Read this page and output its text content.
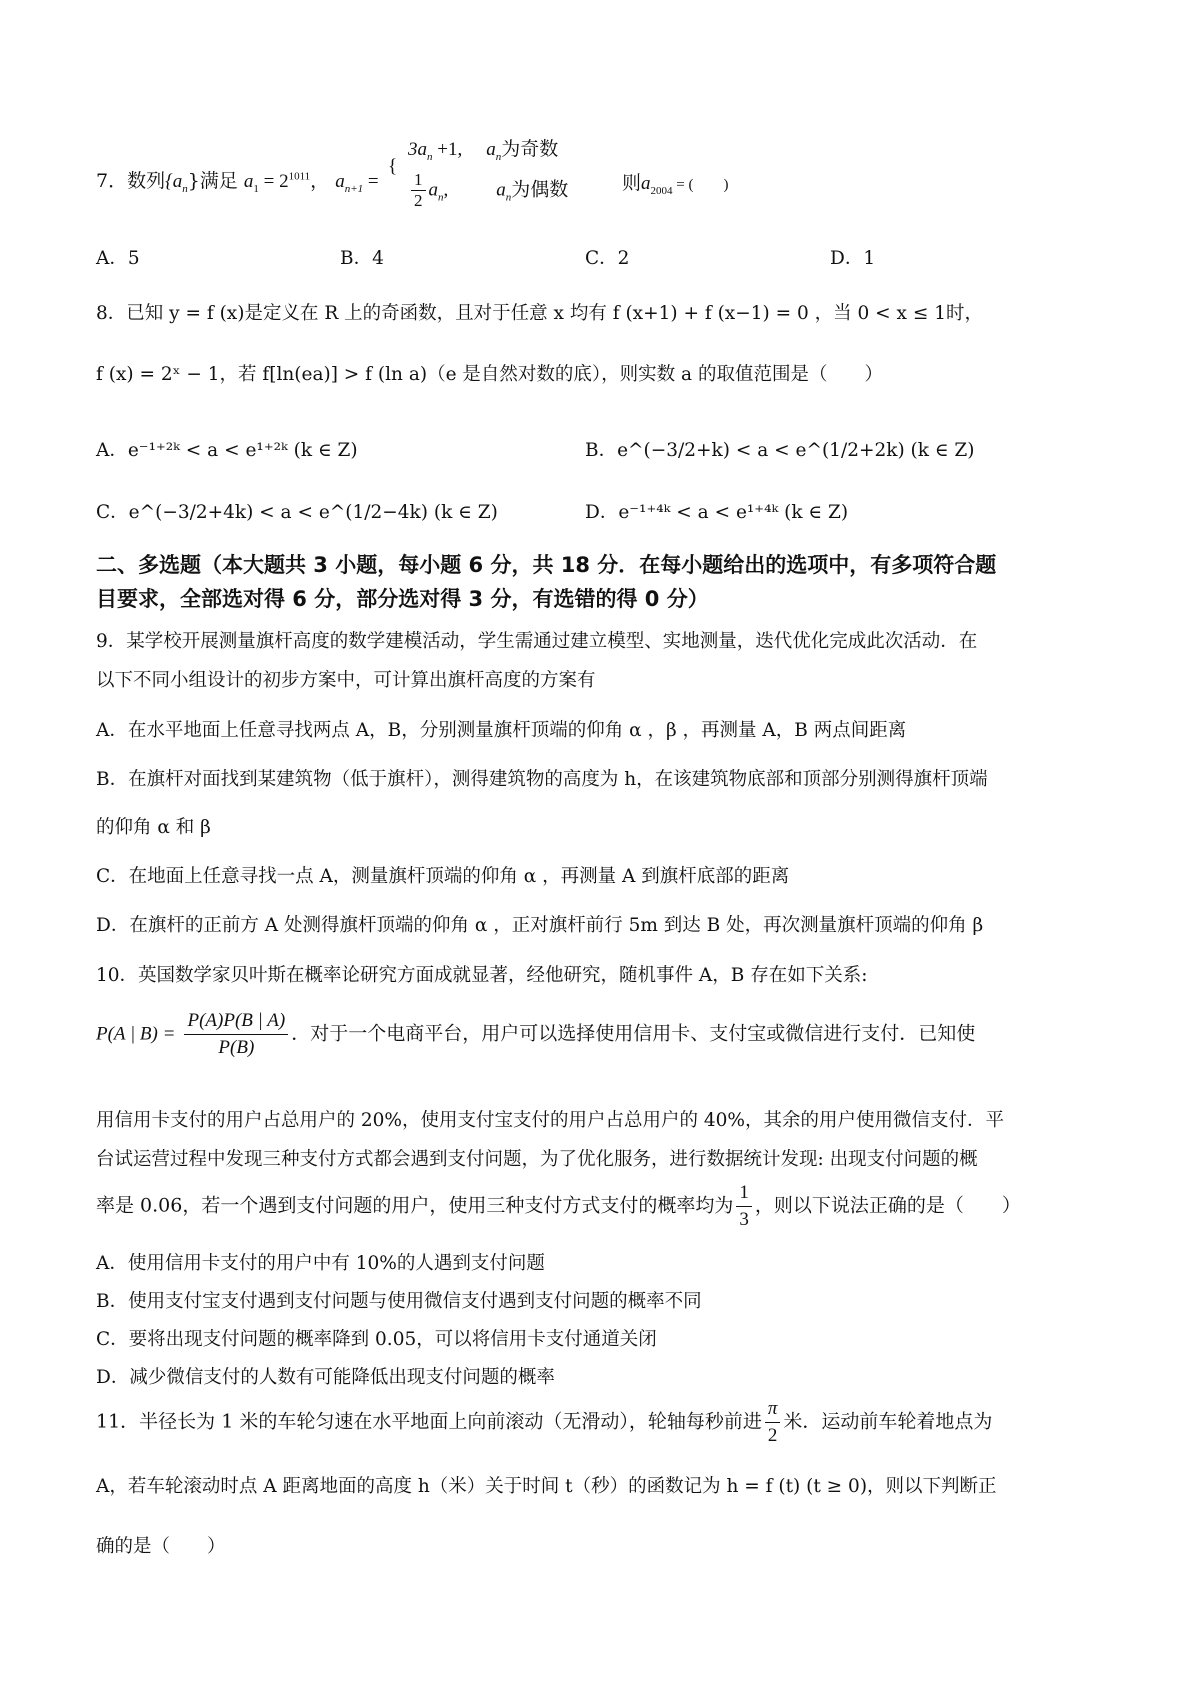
7．数列$\{a_n\}$满足 $a_1 = 2^{1011}$， $a_{n+1}$ =
{
$3a_n +1$, $a_n$为奇数
$\frac{1}{2} a_n$,	$a_n$为偶数	则$a_{2004}$ = (　　)
A．5	B．4	C．2	D．1
8．已知 y = f (x)是定义在 R 上的奇函数，且对于任意 x 均有 f (x+1) + f (x−1) = 0 ，当 0 < x ≤ 1时，
f (x) = 2ˣ − 1，若 f[ln(ea)] > f (ln a)（e 是自然对数的底），则实数 a 的取值范围是（　　）
A．e⁻¹⁺²ᵏ < a < e¹⁺²ᵏ (k ∈ Z)	B．e^(−3/2+k) < a < e^(1/2+2k) (k ∈ Z)
C．e^(−3/2+4k) < a < e^(1/2−4k) (k ∈ Z)	D．e⁻¹⁺⁴ᵏ < a < e¹⁺⁴ᵏ (k ∈ Z)
二、多选题（本大题共 3 小题，每小题 6 分，共 18 分．在每小题给出的选项中，有多项符合题
目要求，全部选对得 6 分，部分选对得 3 分，有选错的得 0 分）
9．某学校开展测量旗杆高度的数学建模活动，学生需通过建立模型、实地测量，迭代优化完成此次活动．在
以下不同小组设计的初步方案中，可计算出旗杆高度的方案有
A．在水平地面上任意寻找两点 A，B，分别测量旗杆顶端的仰角 α ，β ，再测量 A，B 两点间距离
B．在旗杆对面找到某建筑物（低于旗杆），测得建筑物的高度为 h，在该建筑物底部和顶部分别测得旗杆顶端
的仰角 α 和 β
C．在地面上任意寻找一点 A，测量旗杆顶端的仰角 α ，再测量 A 到旗杆底部的距离
D．在旗杆的正前方 A 处测得旗杆顶端的仰角 α ，正对旗杆前行 5m 到达 B 处，再次测量旗杆顶端的仰角 β
10．英国数学家贝叶斯在概率论研究方面成就显著，经他研究，随机事件 A，B 存在如下关系:
P(A | $B) = \frac{P(A)P(B | A)}{P(B)}$ ．对于一个电商平台，用户可以选择使用信用卡、支付宝或微信进行支付．已知使
用信用卡支付的用户占总用户的 20%，使用支付宝支付的用户占总用户的 40%，其余的用户使用微信支付．平
台试运营过程中发现三种支付方式都会遇到支付问题，为了优化服务，进行数据统计发现: 出现支付问题的概
率是 0.06，若一个遇到支付问题的用户，使用三种支付方式支付的概率均为 $\frac{1}{3}$ ，则以下说法正确的是（　　）
A．使用信用卡支付的用户中有 10%的人遇到支付问题
B．使用支付宝支付遇到支付问题与使用微信支付遇到支付问题的概率不同
C．要将出现支付问题的概率降到 0.05，可以将信用卡支付通道关闭
D．减少微信支付的人数有可能降低出现支付问题的概率
11．半径长为 1 米的车轮匀速在水平地面上向前滚动（无滑动），轮轴每秒前进 $\frac{\pi}{2}$ 米．运动前车轮着地点为
A，若车轮滚动时点 A 距离地面的高度 h（米）关于时间 t（秒）的函数记为 h = f (t) (t ≥ 0)，则以下判断正
确的是（　　）
